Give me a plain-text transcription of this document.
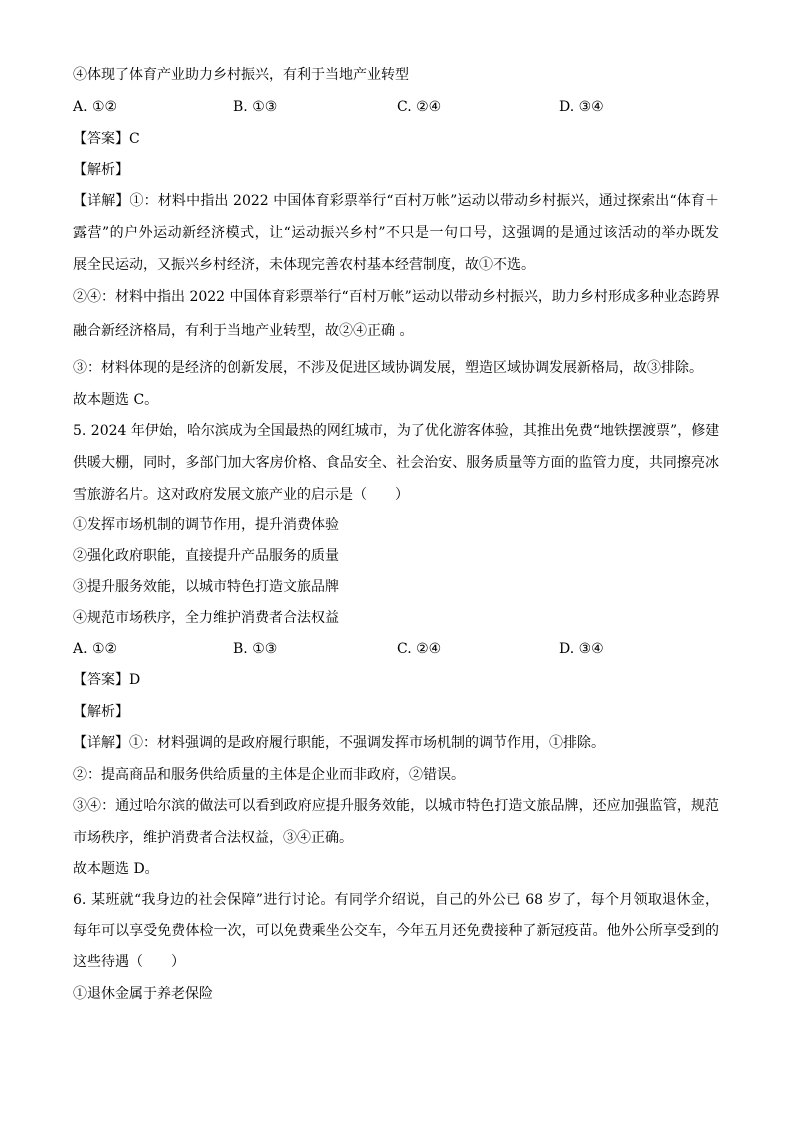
④体现了体育产业助力乡村振兴，有利于当地产业转型
A. ①②	B. ①③	C. ②④	D. ③④
【答案】C
【解析】
【详解】①：材料中指出 2022 中国体育彩票举行“百村万帐”运动以带动乡村振兴，通过探索出“体育＋
露营”的户外运动新经济模式，让“运动振兴乡村”不只是一句口号，这强调的是通过该活动的举办既发
展全民运动，又振兴乡村经济，未体现完善农村基本经营制度，故①不选。
②④：材料中指出 2022 中国体育彩票举行“百村万帐”运动以带动乡村振兴，助力乡村形成多种业态跨界
融合新经济格局，有利于当地产业转型，故②④正确 。
③：材料体现的是经济的创新发展，不涉及促进区域协调发展，塑造区域协调发展新格局，故③排除。
故本题选 C。
5. 2024 年伊始，哈尔滨成为全国最热的网红城市，为了优化游客体验，其推出免费“地铁摆渡票”，修建
供暖大棚，同时，多部门加大客房价格、食品安全、社会治安、服务质量等方面的监管力度，共同擦亮冰
雪旅游名片。这对政府发展文旅产业的启示是（　　）
①发挥市场机制的调节作用，提升消费体验
②强化政府职能，直接提升产品服务的质量
③提升服务效能，以城市特色打造文旅品牌
④规范市场秩序，全力维护消费者合法权益
A. ①②	B. ①③	C. ②④	D. ③④
【答案】D
【解析】
【详解】①：材料强调的是政府履行职能，不强调发挥市场机制的调节作用，①排除。
②：提高商品和服务供给质量的主体是企业而非政府，②错误。
③④：通过哈尔滨的做法可以看到政府应提升服务效能，以城市特色打造文旅品牌，还应加强监管，规范
市场秩序，维护消费者合法权益，③④正确。
故本题选 D。
6. 某班就“我身边的社会保障”进行讨论。有同学介绍说，自己的外公已 68 岁了，每个月领取退休金，
每年可以享受免费体检一次，可以免费乘坐公交车，今年五月还免费接种了新冠疫苗。他外公所享受到的
这些待遇（　　）
①退休金属于养老保险
